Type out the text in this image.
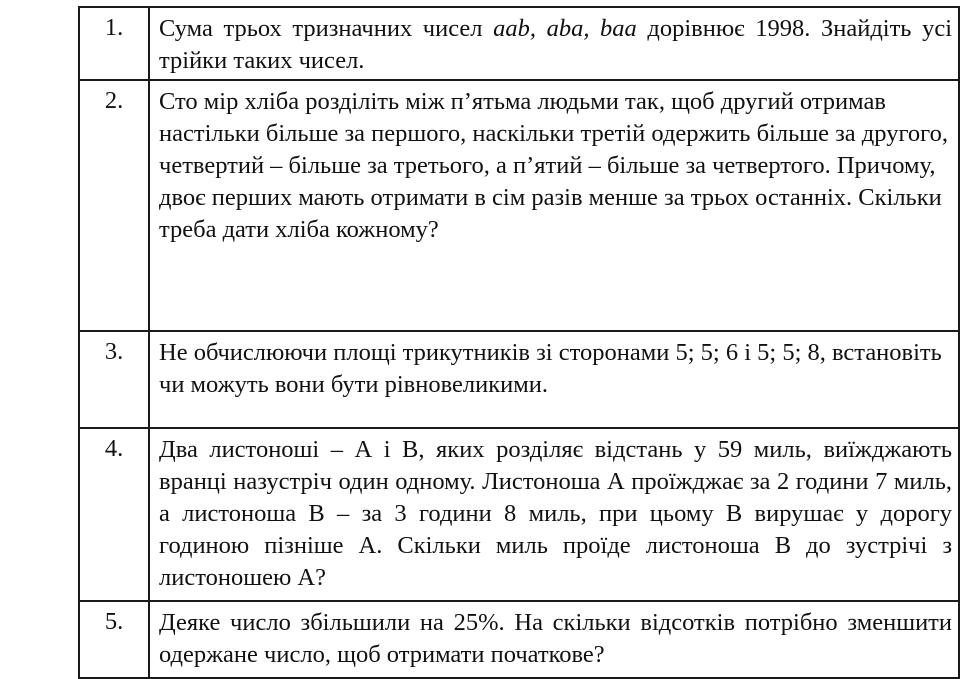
1.	Сума трьох тризначних чисел aab, aba, baa дорівнює 1998. Знайдіть усі трійки таких чисел.

2.	Сто мір хліба розділіть між п’ятьма людьми так, щоб другий отримав настільки більше за першого, наскільки третій одержить більше за другого, четвертий – більше за третього, а п’ятий – більше за четвертого. Причому, двоє перших мають отримати в сім разів менше за трьох останніх. Скільки треба дати хліба кожному?

3.	Не обчислюючи площі трикутників зі сторонами 5; 5; 6 і 5; 5; 8, встановіть чи можуть вони бути рівновеликими.

4.	Два листоноші – А і В, яких розділяє відстань у 59 миль, виїжджають вранці назустріч один одному. Листоноша А проїжджає за 2 години 7 миль, а листоноша В – за 3 години 8 миль, при цьому В вирушає у дорогу годиною пізніше А. Скільки миль проїде листоноша В до зустрічі з листоношею А?

5.	Деяке число збільшили на 25%. На скільки відсотків потрібно зменшити одержане число, щоб отримати початкове?
